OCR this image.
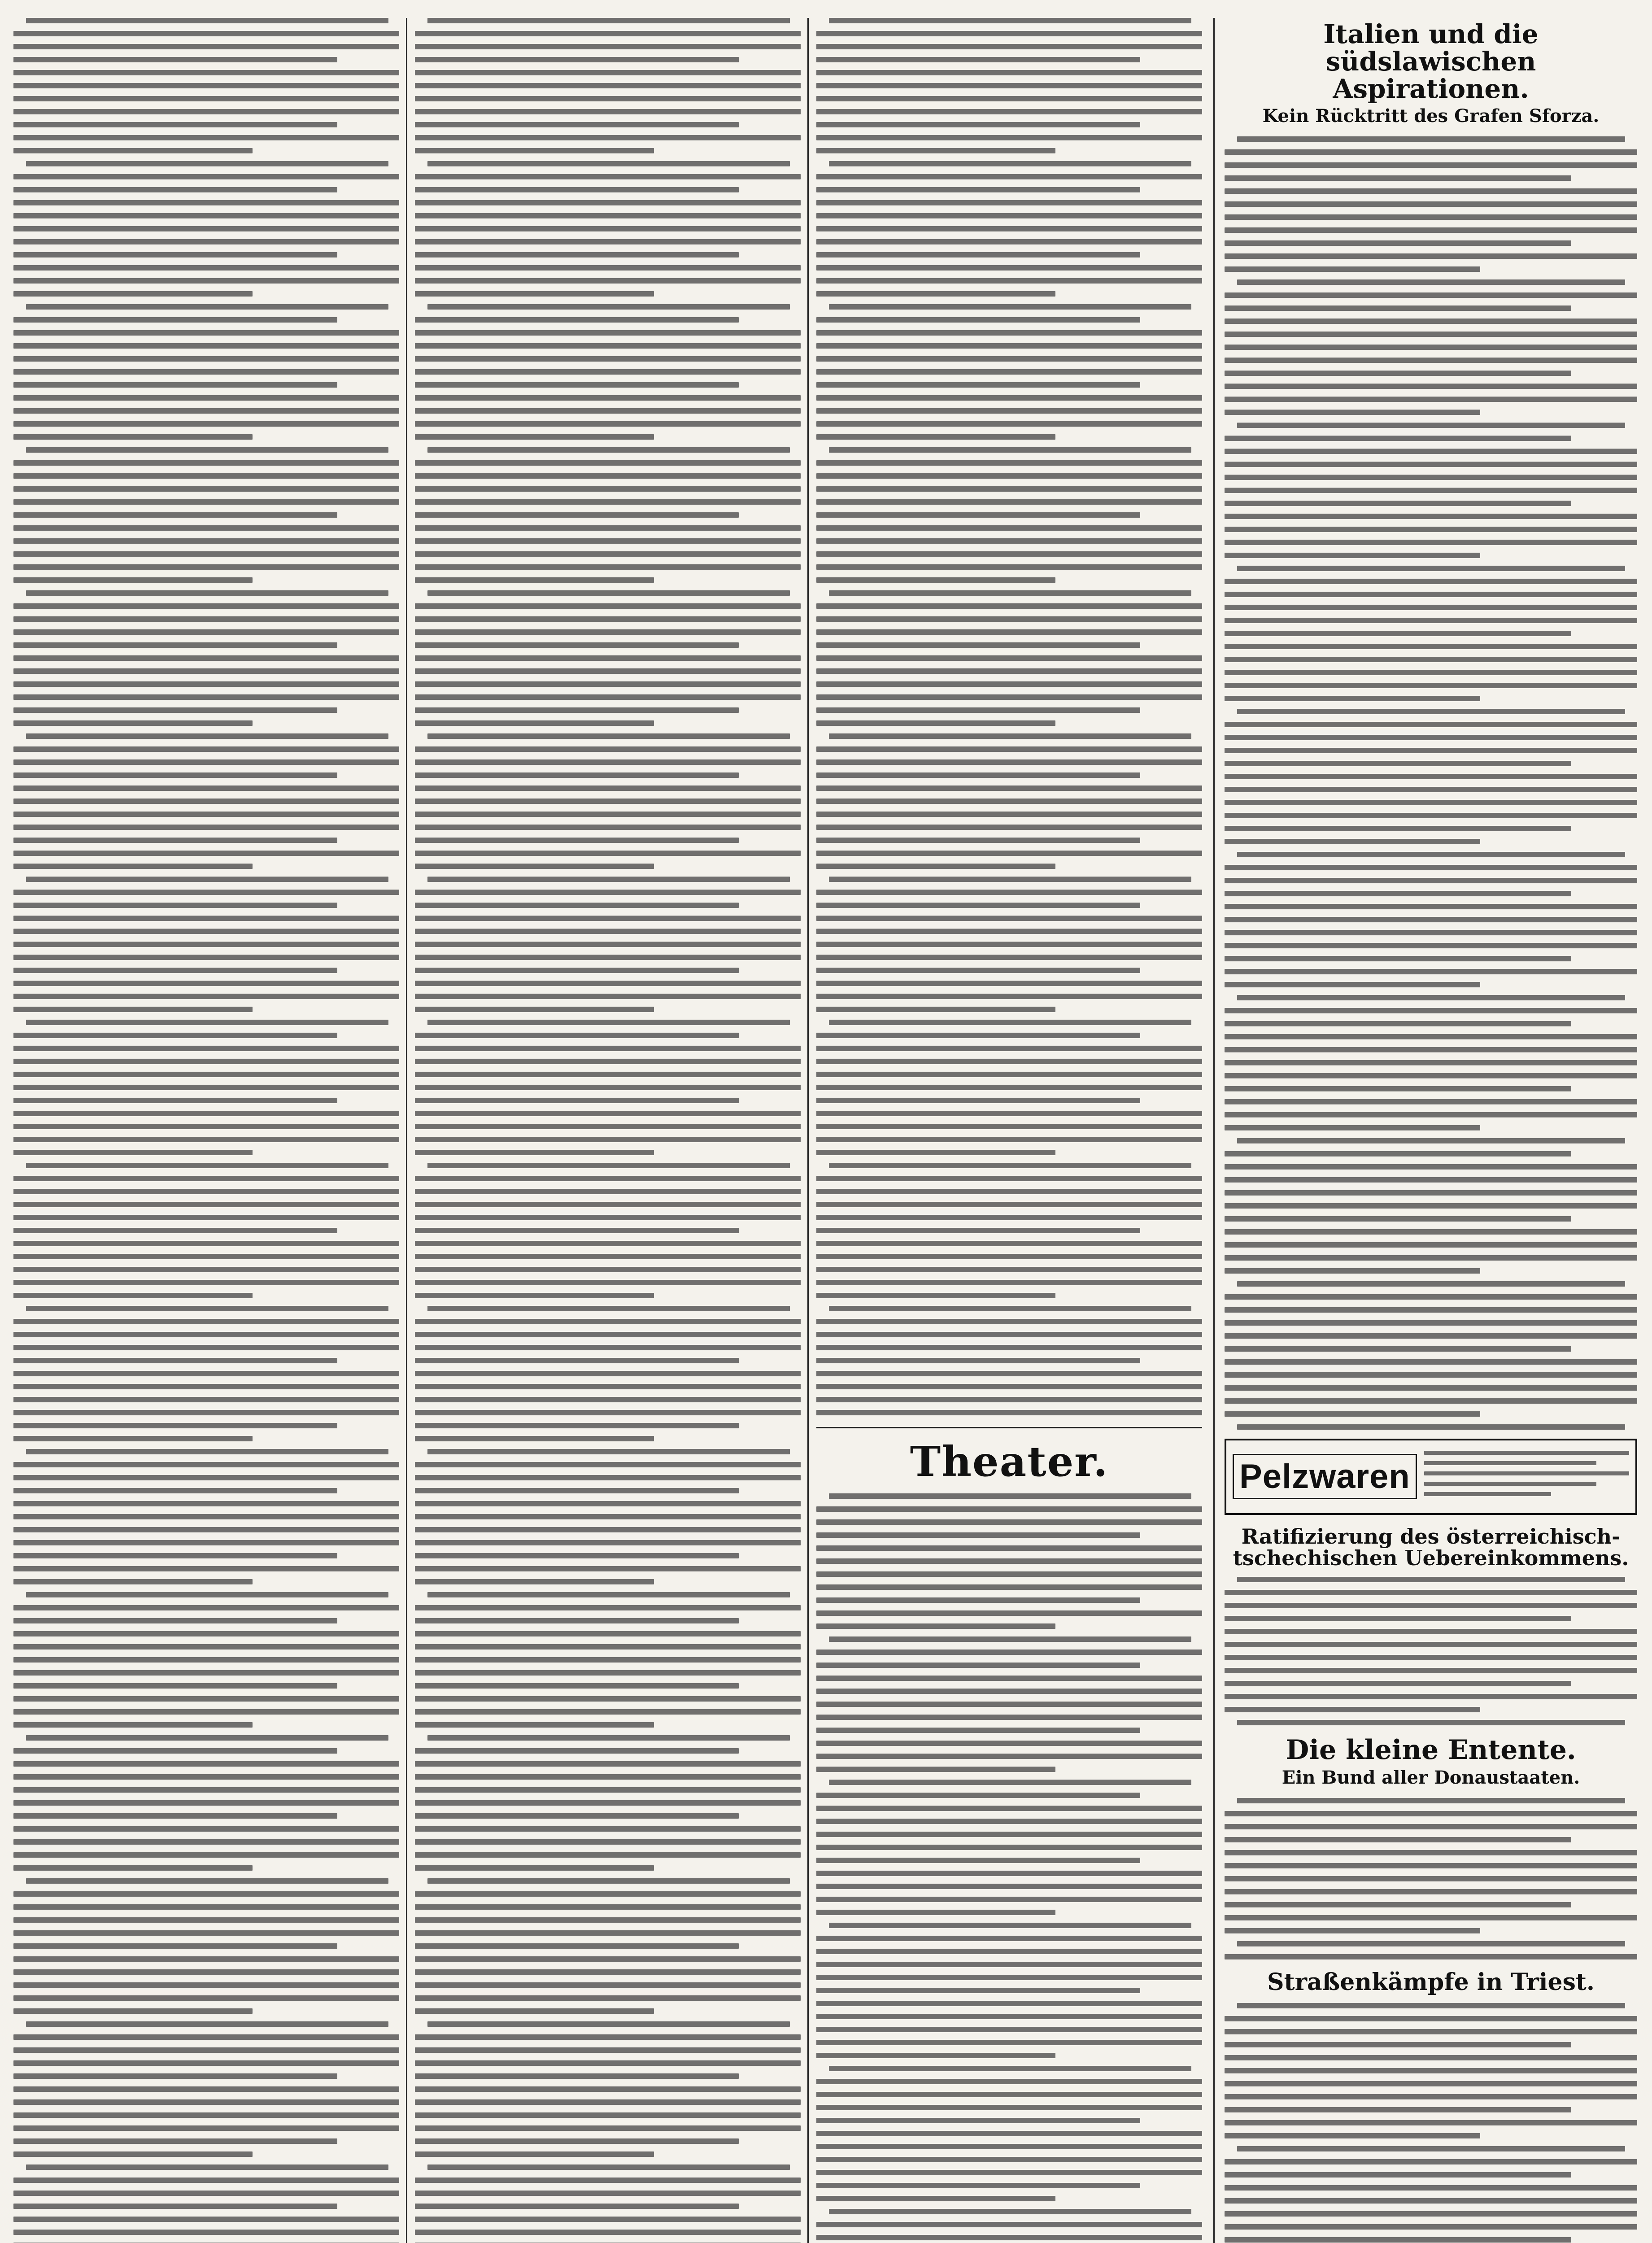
Theater.
Italien und die südslawischen Aspirationen.
Kein Rücktritt des Grafen Sforza.
Pelzwaren
Ratifizierung des österreichisch-tschechischen Uebereinkommens.
Die kleine Entente.
Ein Bund aller Donaustaaten.
Straßenkämpfe in Triest.
